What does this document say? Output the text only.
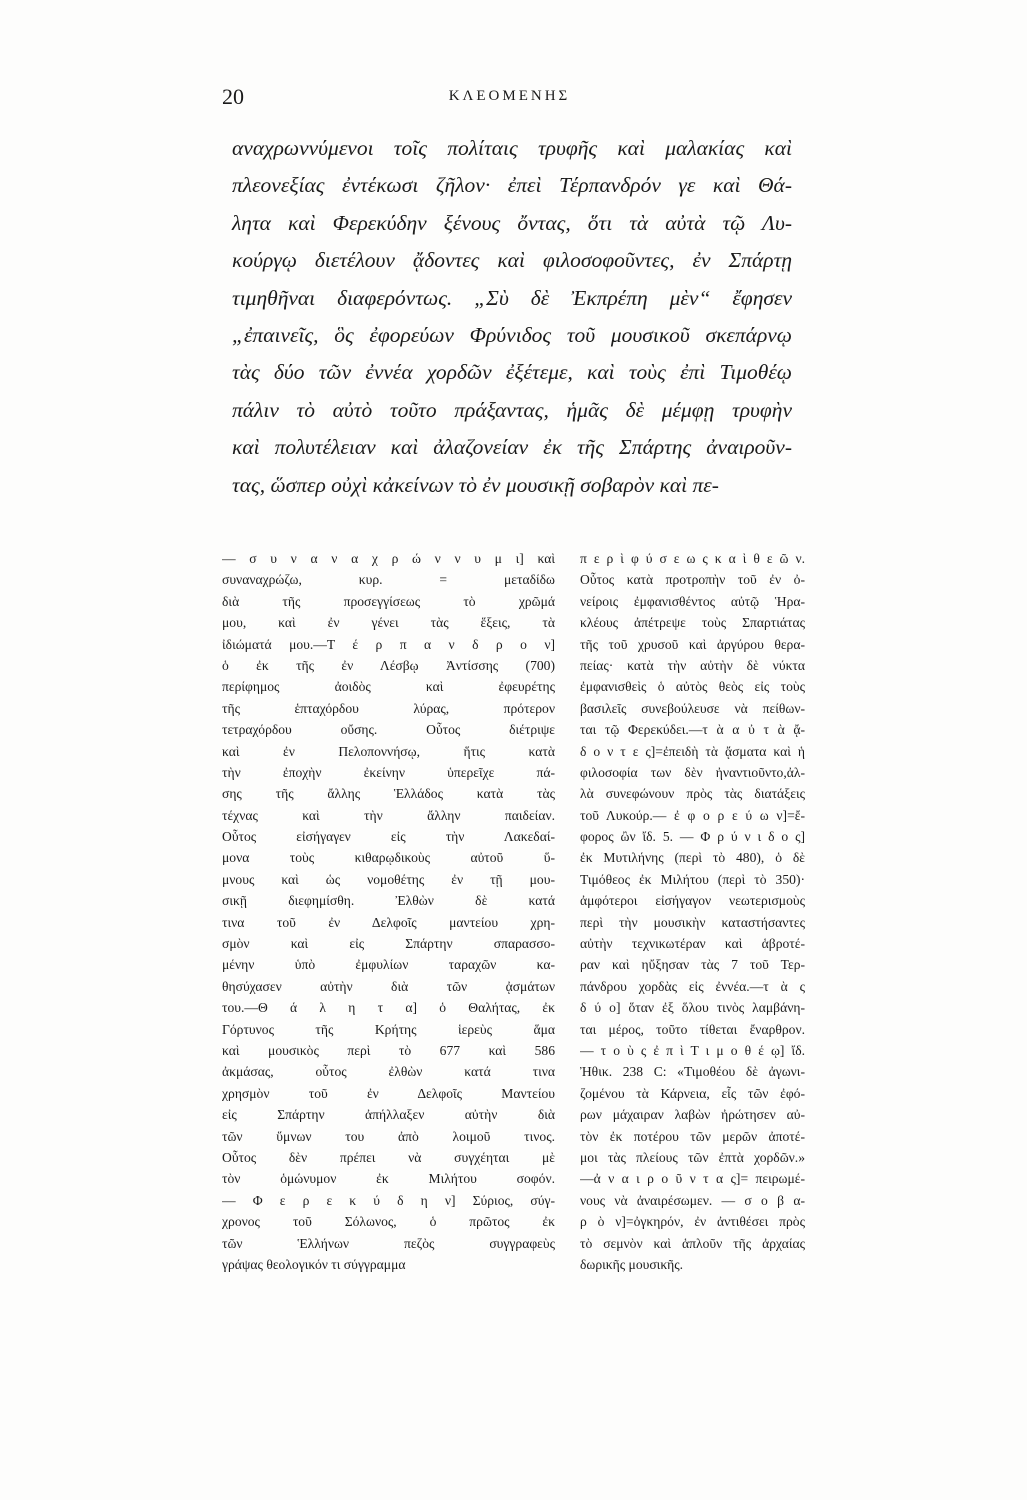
20	ΚΛΕΟΜΕΝΗΣ
αναχρωννύμενοι τοῖς πολίταις τρυφῆς καὶ μαλακίας καὶ
πλεονεξίας ἐντέκωσι ζῆλον· ἐπεὶ Τέρπανδρόν γε καὶ Θά-
λητα καὶ Φερεκύδην ξένους ὄντας, ὅτι τὰ αὐτὰ τῷ Λυ-
κούργῳ διετέλουν ᾄδοντες καὶ φιλοσοφοῦντες, ἐν Σπάρτῃ
τιμηθῆναι διαφερόντως. „Σὺ δὲ Ἐκπρέπη μὲν“ ἔφησεν
„ἐπαινεῖς, ὃς ἐφορεύων Φρύνιδος τοῦ μουσικοῦ σκεπάρνῳ
τὰς δύο τῶν ἐννέα χορδῶν ἐξέτεμε, καὶ τοὺς ἐπὶ Τιμοθέῳ
πάλιν τὸ αὐτὸ τοῦτο πράξαντας, ἡμᾶς δὲ μέμφῃ τρυφὴν
καὶ πολυτέλειαν καὶ ἀλαζονείαν ἐκ τῆς Σπάρτης ἀναιροῦν-
τας, ὥσπερ οὐχὶ κἀκείνων τὸ ἐν μουσικῇ σοβαρὸν καὶ πε-
— σ υ ν α ν α χ ρ ώ ν ν υ μ ι] καὶ
συναναχρώζω, κυρ. = μεταδίδω
διὰ τῆς προσεγγίσεως τὸ χρῶμά
μου, καὶ ἐν γένει τὰς ἕξεις, τὰ
ἰδιώματά μου.—Τ έ ρ π α ν δ ρ ο ν]
ὁ ἐκ τῆς ἐν Λέσβῳ Ἀντίσσης (700)
περίφημος ἀοιδὸς καὶ ἐφευρέτης
τῆς ἑπταχόρδου λύρας, πρότερον
τετραχόρδου οὔσης. Οὗτος διέτριψε
καὶ ἐν Πελοποννήσῳ, ἥτις κατὰ
τὴν ἐποχὴν ἐκείνην ὑπερεῖχε πά-
σης τῆς ἄλλης Ἑλλάδος κατὰ τὰς
τέχνας καὶ τὴν ἄλλην παιδείαν.
Οὗτος εἰσήγαγεν εἰς τὴν Λακεδαί-
μονα τοὺς κιθαρῳδικοὺς αὐτοῦ ὕ-
μνους καὶ ὡς νομοθέτης ἐν τῇ μου-
σικῇ διεφημίσθη. Ἐλθὼν δὲ κατά
τινα τοῦ ἐν Δελφοῖς μαντείου χρη-
σμὸν καὶ εἰς Σπάρτην σπαρασσο-
μένην ὑπὸ ἐμφυλίων ταραχῶν κα-
θησύχασεν αὐτὴν διὰ τῶν ᾀσμάτων
του.—Θ ά λ η τ α] ὁ Θαλήτας, ἐκ
Γόρτυνος τῆς Κρήτης ἱερεὺς ἅμα
καὶ μουσικὸς περὶ τὸ 677 καὶ 586
ἀκμάσας, οὗτος ἐλθὼν κατά τινα
χρησμὸν τοῦ ἐν Δελφοῖς Μαντείου
εἰς Σπάρτην ἀπήλλαξεν αὐτὴν διὰ
τῶν ὕμνων του ἀπὸ λοιμοῦ τινος.
Οὗτος δὲν πρέπει νὰ συγχέηται μὲ
τὸν ὁμώνυμον ἐκ Μιλήτου σοφόν.
— Φ ε ρ ε κ ύ δ η ν] Σύριος, σύγ-
χρονος τοῦ Σόλωνος, ὁ πρῶτος ἐκ
τῶν Ἑλλήνων πεζὸς συγγραφεὺς
γράψας θεολογικόν τι σύγγραμμα
π ε ρ ὶ φ ύ σ ε ω ς κ α ὶ θ ε ῶ ν.
Οὗτος κατὰ προτροπὴν τοῦ ἐν ὀ-
νείροις ἐμφανισθέντος αὐτῷ Ἡρα-
κλέους ἀπέτρεψε τοὺς Σπαρτιάτας
τῆς τοῦ χρυσοῦ καὶ ἀργύρου θερα-
πείας· κατὰ τὴν αὐτὴν δὲ νύκτα
ἐμφανισθεὶς ὁ αὐτὸς θεὸς εἰς τοὺς
βασιλεῖς συνεβούλευσε νὰ πείθων-
ται τῷ Φερεκύδει.—τ ὰ α ὐ τ ὰ ᾄ-
δ ο ν τ ε ς]=ἐπειδὴ τὰ ᾄσματα καὶ ἡ
φιλοσοφία των δὲν ἠναντιοῦντο,ἀλ-
λὰ συνεφώνουν πρὸς τὰς διατάξεις
τοῦ Λυκούρ.— ἐ φ ο ρ ε ύ ω ν]=ἔ-
φορος ὢν ἴδ. 5. — Φ ρ ύ ν ι δ ο ς]
ἐκ Μυτιλήνης (περὶ τὸ 480), ὁ δὲ
Τιμόθεος ἐκ Μιλήτου (περὶ τὸ 350)·
ἀμφότεροι εἰσήγαγον νεωτερισμοὺς
περὶ τὴν μουσικὴν καταστήσαντες
αὐτὴν τεχνικωτέραν καὶ ἁβροτέ-
ραν καὶ ηὔξησαν τὰς 7 τοῦ Τερ-
πάνδρου χορδὰς εἰς ἐννέα.—τ ὰ ς
δ ύ ο] ὅταν ἐξ ὅλου τινὸς λαμβάνη-
ται μέρος, τοῦτο τίθεται ἔναρθρον.
— τ ο ὺ ς ἐ π ὶ Τ ι μ ο θ έ ῳ] ἴδ.
Ἠθικ. 238 C: «Τιμοθέου δὲ ἀγωνι-
ζομένου τὰ Κάρνεια, εἷς τῶν ἐφό-
ρων μάχαιραν λαβὼν ἠρώτησεν αὐ-
τὸν ἐκ ποτέρου τῶν μερῶν ἀποτέ-
μοι τὰς πλείους τῶν ἐπτὰ χορδῶν.»
—ἀ ν α ι ρ ο ῦ ν τ α ς]= πειρωμέ-
νους νὰ ἀναιρέσωμεν. — σ ο β α-
ρ ὸ ν]=ὀγκηρόν, ἐν ἀντιθέσει πρὸς
τὸ σεμνὸν καὶ ἁπλοῦν τῆς ἀρχαίας
δωρικῆς μουσικῆς.
